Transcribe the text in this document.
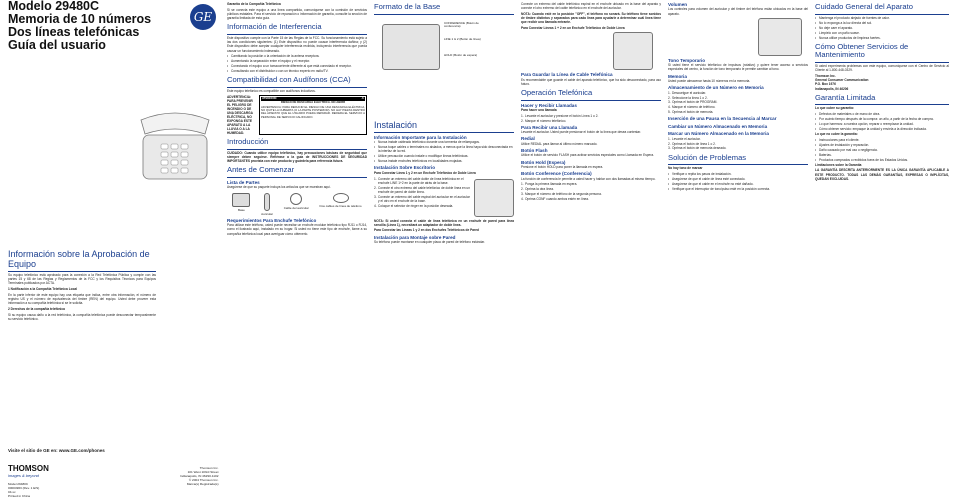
Modelo 29480C
Memoria de 10 números
Dos líneas telefónicas
Guía del usuario
GE
Información sobre la Aprobación de Equipo

Su equipo telefónico está aprobado para la conexión a la Red Telefónica Pública y cumple con las partes 15 y 68 de las Reglas y Reglamentos de la FCC y los Requisitos Técnicos para Equipos Terminales publicados por ACTA.

1 Notificación a la Compañía Telefónica Local

En la parte inferior de este equipo hay una etiqueta que indica, entre otra información, el número de registro US y el número de equivalencia del timbre (REN) del equipo. Usted debe proveer esta información a su compañía telefónica si se le solicita.

2 Derechos de la compañía telefónica

Si su equipo causa daño a la red telefónica, la compañía telefónica puede desconectar temporalmente su servicio telefónico.

Visite el sitio de GE en: www.GE.com/phones
THOMSON
images & beyond
Thomson Inc.
101 West 103rd Street
Indianapolis, IN 46290-1102
© 2004 Thomson Inc.
Marca(s) Registrada(s)
Model 29480C
00004963 (Rev. 1 E/S)
04-xx
Printed in China

Garantía de la Compañía Telefónica

Si se conecta este equipo a una línea compartida, comuníquese con la comisión de servicios públicos estatales. Para el servicio de reparación o información de garantía, consulte la sección de garantía limitada de esta guía.

Información de Interferencia

Este dispositivo cumple con la Parte 15 de las Reglas de la FCC. Su funcionamiento está sujeto a las dos condiciones siguientes: (1) Este dispositivo no puede causar interferencia dañina; y (2) Este dispositivo debe aceptar cualquier interferencia recibida, incluyendo interferencia que pueda causar un funcionamiento indeseado.

• Cambiando la posición o la orientación de la antena receptora.
• Aumentando la separación entre el equipo y el receptor.
• Conectando el equipo a un tomacorriente diferente al que está conectado el receptor.
• Consultando con el distribuidor o con un técnico experto en radio/TV.
Compatibilidad con Audífonos (CCA)

Este equipo telefónico es compatible con audífonos inductivos.

ADVERTENCIA: PARA PREVENIR EL PELIGRO DE INCENDIO O DE UNA DESCARGA ELÉCTRICA, NO EXPONGA ESTE APARATO A LA LLUVIA O A LA HUMEDAD.
ATENCIÓN	⚠

RIESGO DE DESCARGA ELÉCTRICA. NO ABRIR

ADVERTENCIA: PARA REDUCIR EL RIESGO DE UNA DESCARGA ELÉCTRICA, NO QUITE LA CUBIERTA (O LA PARTE POSTERIOR). NO HAY PIEZAS DENTRO DEL APARATO QUE EL USUARIO PUEDA REPARAR. REFIERA EL SERVICIO A PERSONAL DE SERVICIO CALIFICADO.

Introducción

CUIDADO: Cuando utilice equipo telefónico, hay precauciones básicas de seguridad que siempre deben seguirse. Refiérase a la guía de INSTRUCCIONES DE SEGURIDAD IMPORTANTES provista con este producto y guárdela para referencia futura.

Antes de Comenzar
Lista de Partes

Asegúrese de que su paquete incluya los artículos que se muestran aquí.

Base
Auricular
Cable del auricular	Dos cables de línea de teléfono
Requerimientos Para Enchufe Telefónico

Para utilizar este teléfono, usted puede necesitar un enchufe modular telefónico tipo RJ11 o RJ14, como el ilustrado aquí, instalado en su hogar. Si usted no tiene este tipo de enchufe, llame a su compañía telefónica local para averiguar cómo obtenerlo.

Formato de la Base
CONFERENCE (Botón de conferencia)
LINE 1 & 2 (Botón de línea)
HOLD (Botón de espera)
Instalación
Información Importante para la Instalación
• Nunca instale cableado telefónico durante una tormenta de relámpagos.
• Nunca toque cables o terminales no aislados, a menos que la línea haya sido desconectada en la interfaz de la red.
• Utilice precaución cuando instale o modifique líneas telefónicas.
• Nunca instale enchufes telefónicos en localidades mojadas.
Instalación Sobre Escritorio

Para Conectar Línea 1 y 2 en un Enchufe Telefónico de Doble Línea

1. Conecte un extremo del cable doble de línea telefónica en el enchufe LINE 1+2 en la parte de atrás de la base.
2. Conecte el otro extremo del cable telefónico de doble línea en un enchufe de pared de doble línea.
3. Conecte un extremo del cable espiral del auricular en el auricular y el otro en el enchufe de la base.
4. Coloque el selector de ringer en la posición deseada.

NOTA: Si usted conecta el cable de línea telefónica en un enchufe de pared para línea sencilla (Línea 1), necesitará un adaptador de doble línea.

Para Conectar las Líneas 1 y 2 en dos Enchufes Telefónicos de Pared

Instalación para Montaje sobre Pared

Su teléfono puede montarse en cualquier placa de pared de teléfono estándar.

Conecte un extremo del cable telefónico espiral en el enchufe ubicado en la base del aparato y conecte el otro extremo del cable telefónico en el enchufe del auricular.

NOTA: Cuando esté en la posición "OFF", el teléfono no sonará. Su teléfono tiene sonidos de timbre distintos y separados para cada línea para ayudarle a determinar cuál línea tiene que recibir una llamada entrante.

Para Conectar Líneas 1 + 2 en un Enchufe Telefónico de Doble Línea

Para Guardar la Línea de Cable Telefónica

Es recomendable que guarde el cable del aparato telefónico, que ha sido desconectado, para uso futuro.

Operación Telefónica
Hacer y Recibir Llamadas

Para hacer una llamada

1. Levante el auricular y presione el botón Línea 1 o 2.
2. Marque el número telefónico.
Para Recibir una Llamada

Levante el auricular. Usted puede presionar el botón de la línea que desea contestar.

Redial

Utilice REDIAL para llamar al último número marcado.

Botón Flash

Utilice el botón de servicio FLASH para activar servicios especiales como Llamada en Espera.

Botón Hold (Espera)

Presione el botón HOLD para poner la llamada en espera.

Botón Conference (Conferencia)

La función de conferencia le permite a usted hacer y hablar con dos llamadas al mismo tiempo.

1. Ponga la primera llamada en espera.
2. Oprima la otra línea.
3. Marque el número de teléfono de la segunda persona.
4. Oprima CONF cuando ambos estén en línea.
Volumen

Los controles para volumen del auricular y del timbre del teléfono están ubicados en la base del aparato.

Tono Temporario

Si usted tiene el servicio telefónico de impulsos (rotativo) y quiere tener acceso a servicios especiales del centro, la función de tono temporario le permite cambiar al tono.

Memoria

Usted puede almacenar hasta 10 números en la memoria.

Almacenamiento de un Número en Memoria
1. Descuelgue el auricular.
2. Seleccione la línea 1 o 2.
3. Oprima el botón de PROGRAM.
4. Marque el número de teléfono.
5. Oprima el botón de memoria.
Inserción de una Pausa en la Secuencia al Marcar
Cambiar un Número Almacenado en Memoria
Marcar un Número Almacenado en la Memoria
1. Levante el auricular.
2. Oprima el botón de línea 1 o 2.
3. Oprima el botón de memoria deseado.
Solución de Problemas

No hay tono de marcar

• Verifique o repita los pasos de instalación.
• Asegúrese de que el cable de línea esté conectado.
• Asegúrese de que el cable en el enchufe no esté dañado.
• Verifique que el interruptor de tono/pulso esté en la posición correcta.
Cuidado General del Aparato
• Mantenga el producto alejado de fuentes de calor.
• No lo exponga a la luz directa del sol.
• No deje caer el aparato.
• Límpielo con un paño suave.
• Nunca utilice productos de limpieza fuertes.
Cómo Obtener Servicios de Mantenimiento

Si usted experimenta problemas con este equipo, comuníquese con el Centro de Servicio al Cliente al 1-800-448-0329.

Thomson Inc.
General Consumer Communication
P.O. Box 1976
Indianapolis, IN 46206

Garantía Limitada

Lo que cubre su garantía:

• Defectos de materiales o de mano de obra.
• Por cuánto tiempo después de la compra: un año, a partir de la fecha de compra.
• Lo que haremos: a nuestra opción, reparar o reemplazar la unidad.
• Cómo obtener servicio: empaque la unidad y envíela a la dirección indicada.

Lo que no cubre la garantía:

• Instrucciones para el cliente.
• Ajustes de instalación y reparación.
• Daño causado por mal uso o negligencia.
• Baterías.
• Productos comprados o recibidos fuera de los Estados Unidos.

Limitaciones sobre la Garantía

LA GARANTÍA DESCRITA ANTERIORMENTE ES LA ÚNICA GARANTÍA APLICABLE A ESTE PRODUCTO. TODAS LAS DEMÁS GARANTÍAS, EXPRESAS O IMPLÍCITAS, QUEDAN EXCLUIDAS.
